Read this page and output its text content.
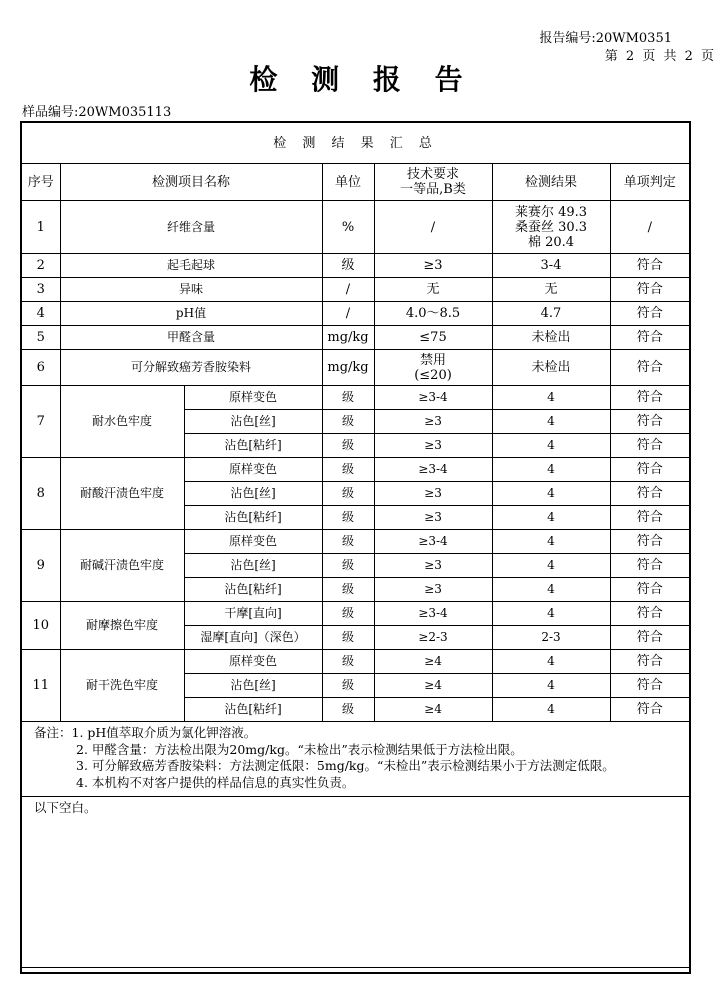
报告编号:20WM0351
第 2 页 共 2 页
检 测 报 告
样品编号:20WM035113
检 测 结 果 汇 总						
序号	检测项目名称		单位	技术要求
一等品,B类	检测结果	单项判定
1	纤维含量		%	/	莱赛尔 49.3
桑蚕丝 30.3
棉 20.4	/
2	起毛起球		级	≥3	3-4	符合
3	异味		/	无	无	符合
4	pH值		/	4.0～8.5	4.7	符合
5	甲醛含量		mg/kg	≤75	未检出	符合
6	可分解致癌芳香胺染料		mg/kg	禁用
(≤20)	未检出	符合
7	耐水色牢度	原样变色	级	≥3-4	4	符合
		沾色[丝]	级	≥3	4	符合
		沾色[粘纤]	级	≥3	4	符合
8	耐酸汗渍色牢度	原样变色	级	≥3-4	4	符合
		沾色[丝]	级	≥3	4	符合
		沾色[粘纤]	级	≥3	4	符合
9	耐碱汗渍色牢度	原样变色	级	≥3-4	4	符合
		沾色[丝]	级	≥3	4	符合
		沾色[粘纤]	级	≥3	4	符合
10	耐摩擦色牢度	干摩[直向]	级	≥3-4	4	符合
		湿摩[直向]（深色）	级	≥2-3	2-3	符合
11	耐干洗色牢度	原样变色	级	≥4	4	符合
		沾色[丝]	级	≥4	4	符合
		沾色[粘纤]	级	≥4	4	符合

备注：1. pH值萃取介质为氯化钾溶液。
2. 甲醛含量：方法检出限为20mg/kg。“未检出”表示检测结果低于方法检出限。
3. 可分解致癌芳香胺染料：方法测定低限：5mg/kg。“未检出”表示检测结果小于方法测定低限。
4. 本机构不对客户提供的样品信息的真实性负责。						

以下空白。						
